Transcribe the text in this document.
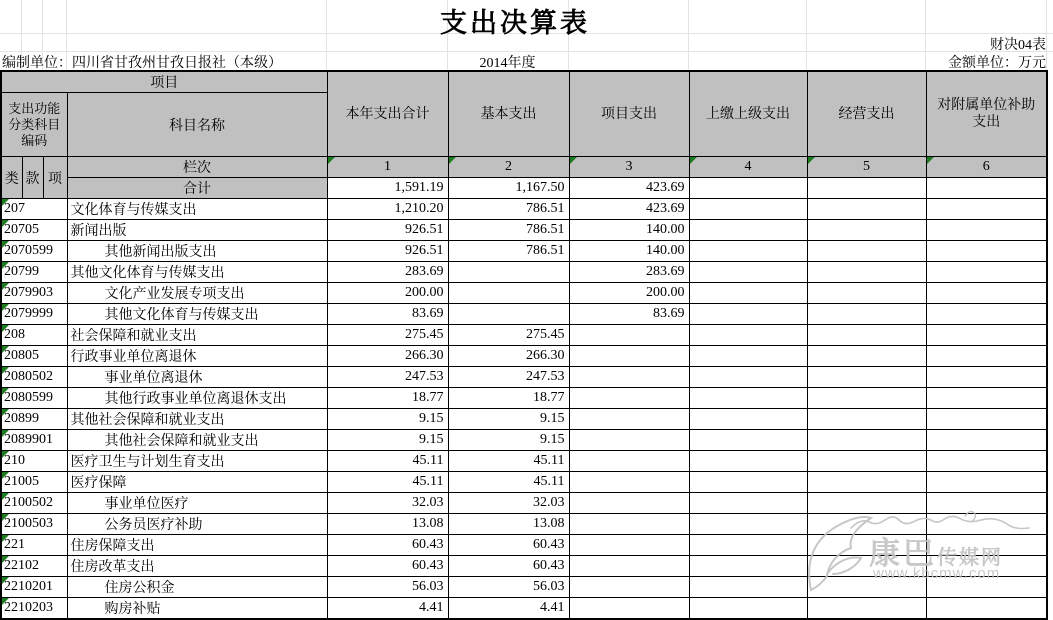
支出决算表
财决04表
编制单位：四川省甘孜州甘孜日报社（本级）	2014年度	金额单位：万元
项目				本年支出合计	基本支出	项目支出	上缴上级支出	经营支出	对附属单位补助支出
支出功能分类科目编码			科目名称						
类	款	项	栏次	1	2	3	4	5	6
			合计	1,591.19	1,167.50	423.69			
207			文化体育与传媒支出	1,210.20	786.51	423.69			
20705			新闻出版	926.51	786.51	140.00			
2070599			其他新闻出版支出	926.51	786.51	140.00			
20799			其他文化体育与传媒支出	283.69		283.69			
2079903			文化产业发展专项支出	200.00		200.00			
2079999			其他文化体育与传媒支出	83.69		83.69			
208			社会保障和就业支出	275.45	275.45				
20805			行政事业单位离退休	266.30	266.30				
2080502			事业单位离退休	247.53	247.53				
2080599			其他行政事业单位离退休支出	18.77	18.77				
20899			其他社会保障和就业支出	9.15	9.15				
2089901			其他社会保障和就业支出	9.15	9.15				
210			医疗卫生与计划生育支出	45.11	45.11				
21005			医疗保障	45.11	45.11				
2100502			事业单位医疗	32.03	32.03				
2100503			公务员医疗补助	13.08	13.08				
221			住房保障支出	60.43	60.43				
22102			住房改革支出	60.43	60.43				
2210201			住房公积金	56.03	56.03				
2210203			购房补贴	4.41	4.41				
康巴传媒网
www.kbcmw.com
